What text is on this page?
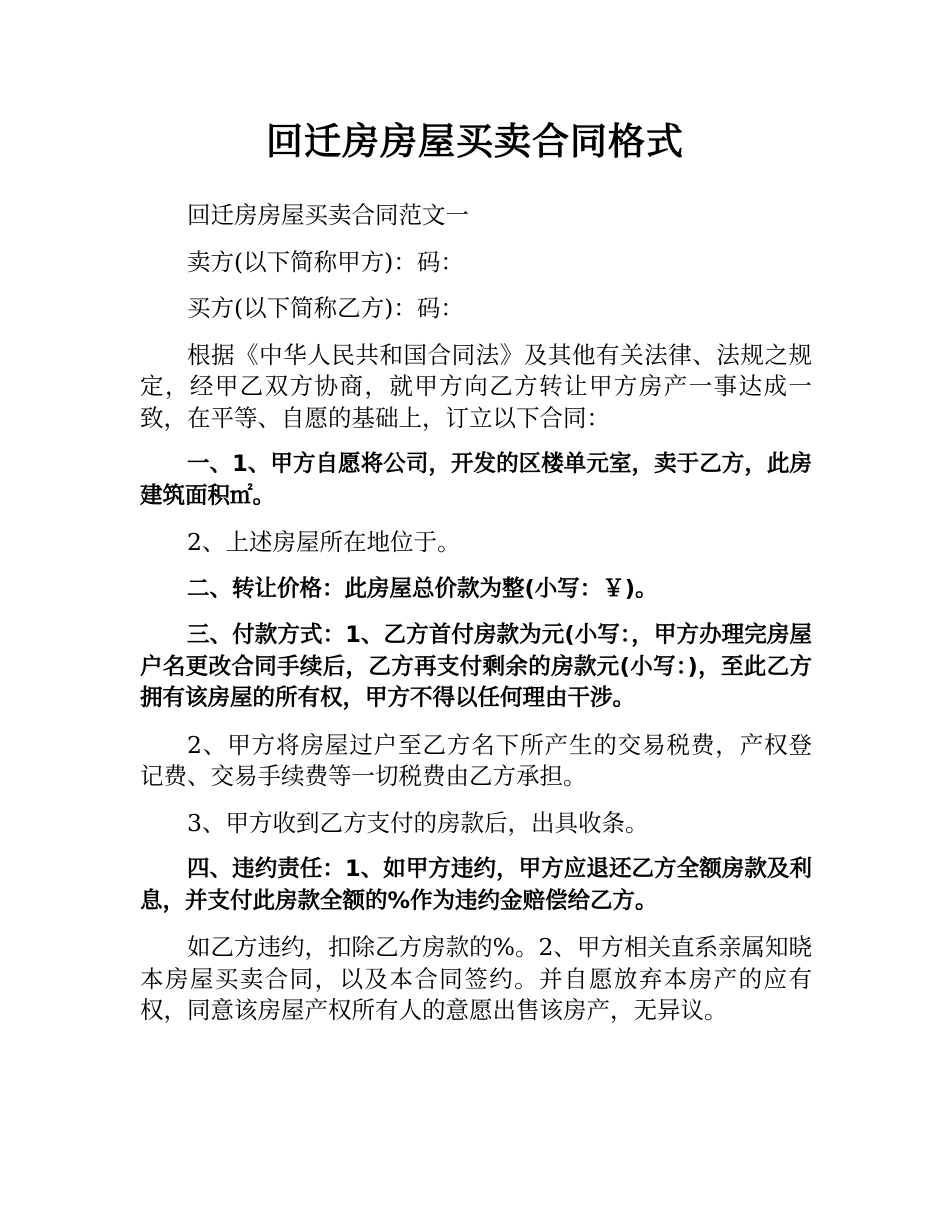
回迁房房屋买卖合同格式

回迁房房屋买卖合同范文一

卖方(以下简称甲方)：码：

买方(以下简称乙方)：码：

根据《中华人民共和国合同法》及其他有关法律、法规之规定，经甲乙双方协商，就甲方向乙方转让甲方房产一事达成一致，在平等、自愿的基础上，订立以下合同：

一、1、甲方自愿将公司，开发的区楼单元室，卖于乙方，此房建筑面积㎡。

2、上述房屋所在地位于。

二、转让价格：此房屋总价款为整(小写：￥)。

三、付款方式：1、乙方首付房款为元(小写：，甲方办理完房屋户名更改合同手续后，乙方再支付剩余的房款元(小写：)，至此乙方拥有该房屋的所有权，甲方不得以任何理由干涉。

2、甲方将房屋过户至乙方名下所产生的交易税费，产权登记费、交易手续费等一切税费由乙方承担。

3、甲方收到乙方支付的房款后，出具收条。

四、违约责任：1、如甲方违约，甲方应退还乙方全额房款及利息，并支付此房款全额的%作为违约金赔偿给乙方。

如乙方违约，扣除乙方房款的%。2、甲方相关直系亲属知晓本房屋买卖合同，以及本合同签约。并自愿放弃本房产的应有权，同意该房屋产权所有人的意愿出售该房产，无异议。
